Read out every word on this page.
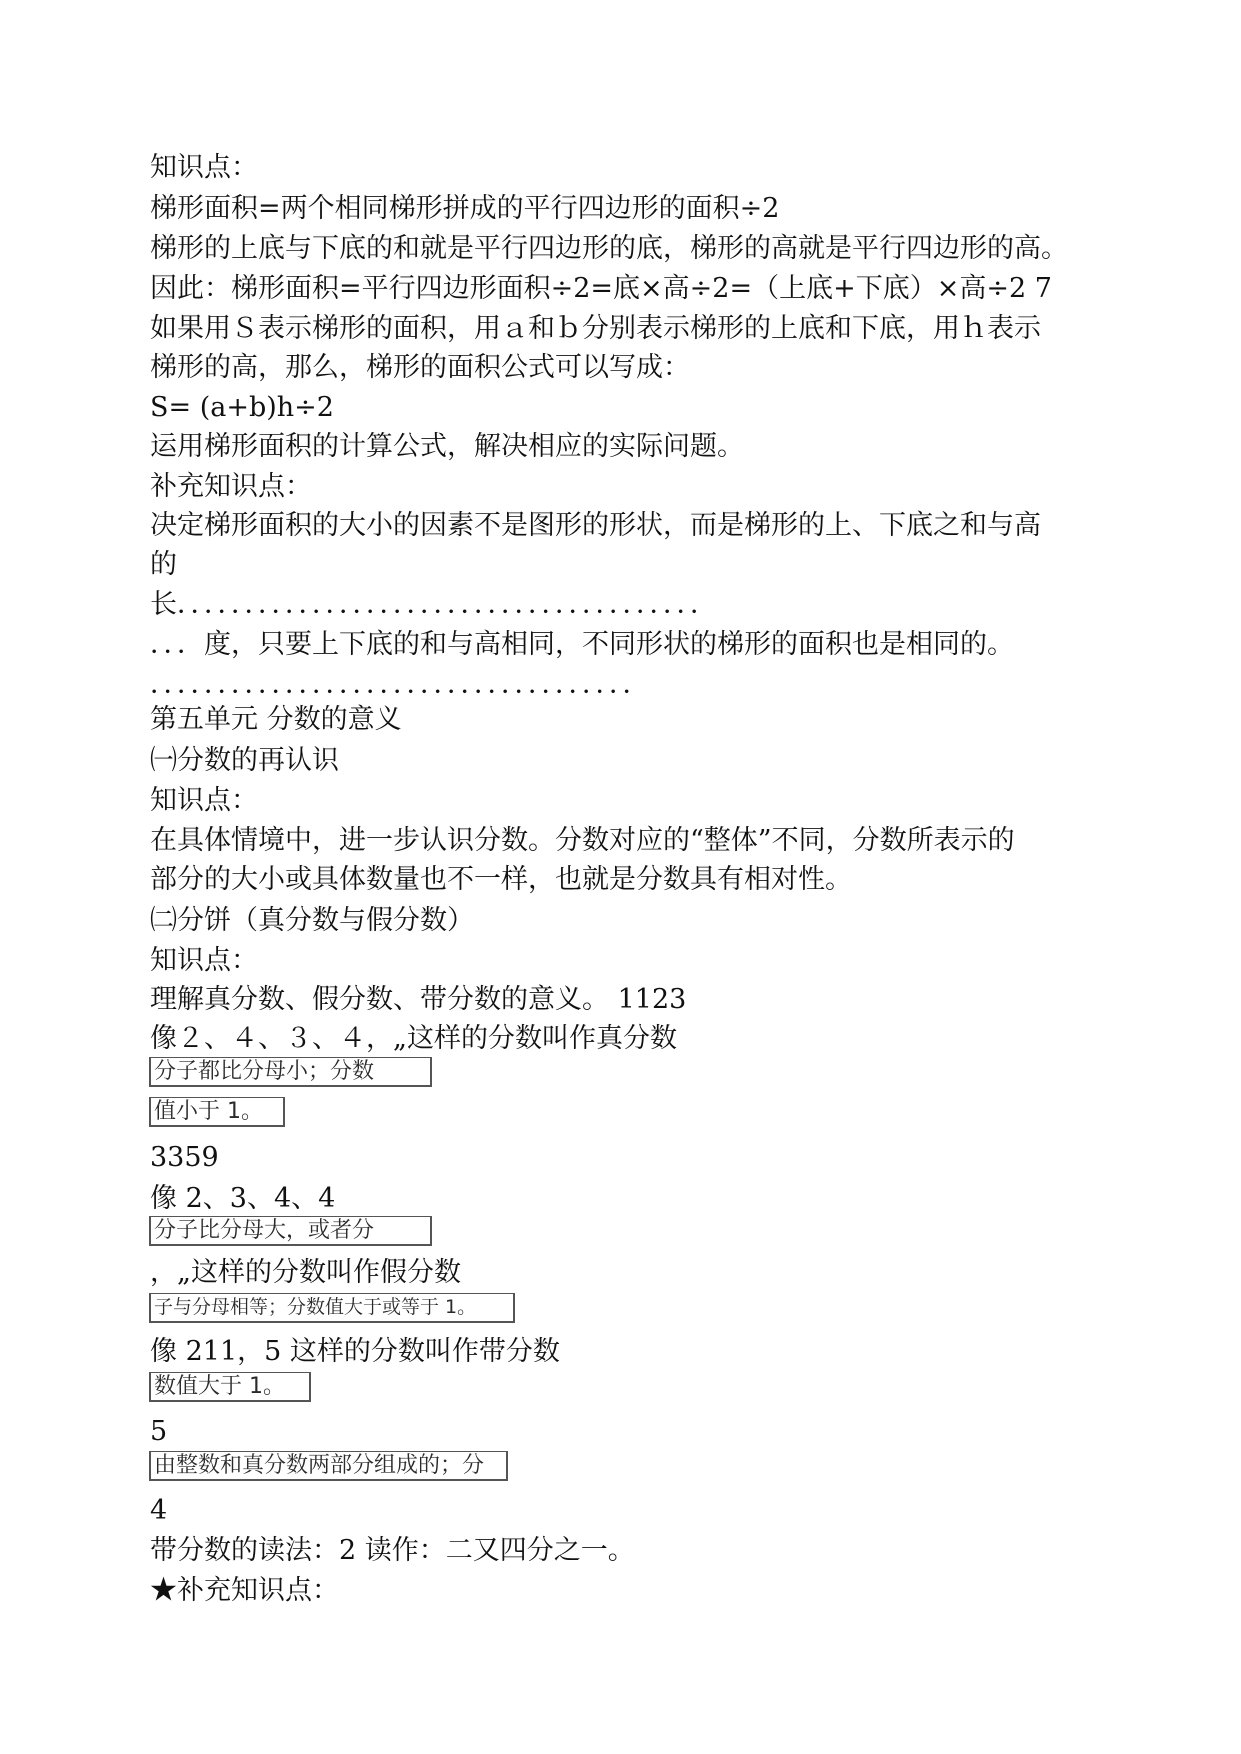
知识点：
梯形面积=两个相同梯形拼成的平行四边形的面积÷2
梯形的上底与下底的和就是平行四边形的底，梯形的高就是平行四边形的高。
因此：梯形面积=平行四边形面积÷2=底×高÷2=（上底+下底）×高÷2 7
如果用Ｓ表示梯形的面积，用ａ和ｂ分别表示梯形的上底和下底，用ｈ表示
梯形的高，那么，梯形的面积公式可以写成：
S= (a+b)h÷2
运用梯形面积的计算公式，解决相应的实际问题。
补充知识点：
决定梯形面积的大小的因素不是图形的形状，而是梯形的上、下底之和与高
的
长．．．．．．．．．．．．．．．．．．．．．．．．．．．．．．．．．．．．．．．
．．．度，只要上下底的和与高相同，不同形状的梯形的面积也是相同的。
．．．．．．．．．．．．．．．．．．．．．．．．．．．．．．．．．．．．
第五单元 分数的意义
㈠分数的再认识
知识点：
在具体情境中，进一步认识分数。分数对应的“整体”不同，分数所表示的
部分的大小或具体数量也不一样，也就是分数具有相对性。
㈡分饼（真分数与假分数）
知识点：
理解真分数、假分数、带分数的意义。 1123
像２、４、３、４，„这样的分数叫作真分数
分子都比分母小；分数
值小于 1。
3359
像 2、3、4、4
分子比分母大，或者分
，„这样的分数叫作假分数
子与分母相等；分数值大于或等于 1。
像 211，5 这样的分数叫作带分数
数值大于 1。
5
由整数和真分数两部分组成的；分
4
带分数的读法：2 读作：二又四分之一。
★补充知识点：
